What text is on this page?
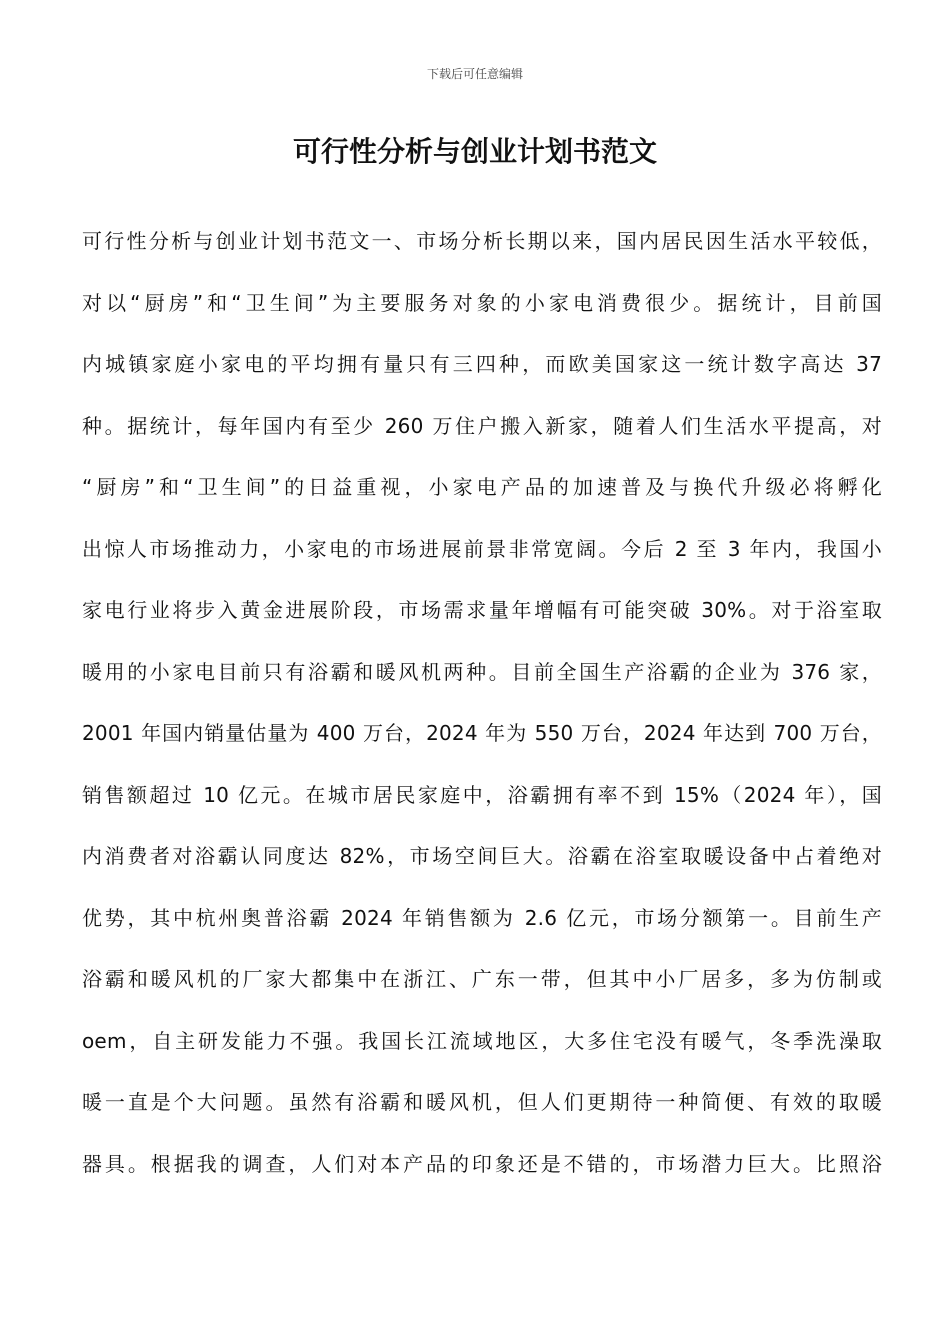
下载后可任意编辑
可行性分析与创业计划书范文
可行性分析与创业计划书范文一、市场分析长期以来，国内居民因生活水平较低，
对以“厨房”和“卫生间”为主要服务对象的小家电消费很少。据统计，目前国
内城镇家庭小家电的平均拥有量只有三四种，而欧美国家这一统计数字高达 37
种。据统计，每年国内有至少 260 万住户搬入新家，随着人们生活水平提高，对
“厨房”和“卫生间”的日益重视，小家电产品的加速普及与换代升级必将孵化
出惊人市场推动力，小家电的市场进展前景非常宽阔。今后 2 至 3 年内，我国小
家电行业将步入黄金进展阶段，市场需求量年增幅有可能突破 30%。对于浴室取
暖用的小家电目前只有浴霸和暖风机两种。目前全国生产浴霸的企业为 376 家，
2001 年国内销量估量为 400 万台，2024 年为 550 万台，2024 年达到 700 万台，
销售额超过 10 亿元。在城市居民家庭中，浴霸拥有率不到 15%（2024 年），国
内消费者对浴霸认同度达 82%，市场空间巨大。浴霸在浴室取暖设备中占着绝对
优势，其中杭州奥普浴霸 2024 年销售额为 2.6 亿元，市场分额第一。目前生产
浴霸和暖风机的厂家大都集中在浙江、广东一带，但其中小厂居多，多为仿制或
oem，自主研发能力不强。我国长江流域地区，大多住宅没有暖气，冬季洗澡取
暖一直是个大问题。虽然有浴霸和暖风机，但人们更期待一种简便、有效的取暖
器具。根据我的调查，人们对本产品的印象还是不错的，市场潜力巨大。比照浴
